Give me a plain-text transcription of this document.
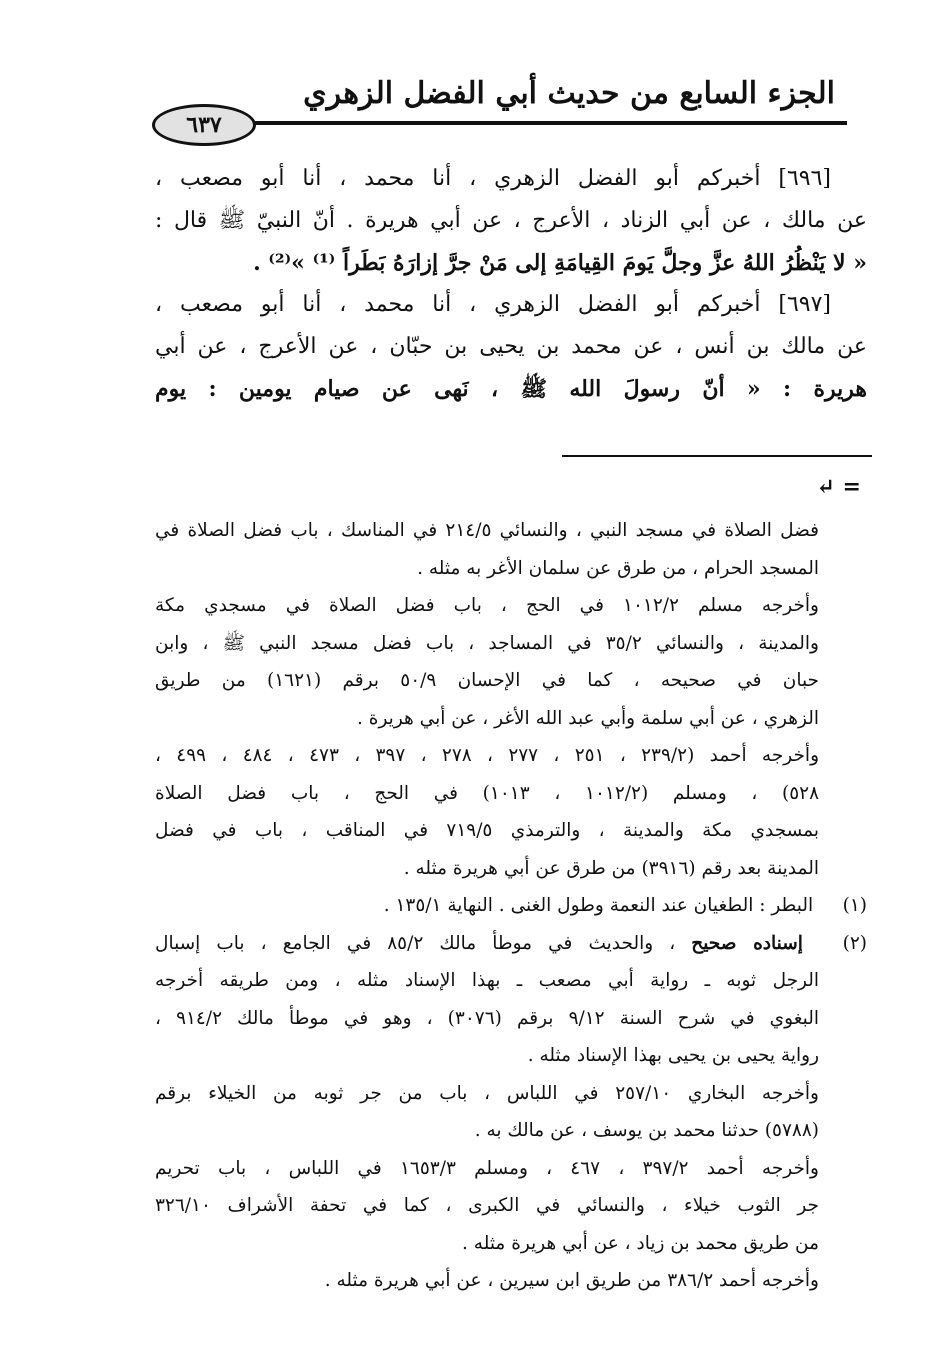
الجزء السابع من حديث أبي الفضل الزهري
٦٣٧
[٦٩٦] أخبركم أبو الفضل الزهري ، أنا محمد ، أنا أبو مصعب ،
عن مالك ، عن أبي الزناد ، الأعرج ، عن أبي هريرة . أنّ النبيّ ﷺ قال :
« لا يَنْظُرُ اللهُ عزَّ وجلَّ يَومَ القِيامَةِ إلى مَنْ جرَّ إزارَهُ بَطَراً ⁽¹⁾ »⁽²⁾ .
[٦٩٧] أخبركم أبو الفضل الزهري ، أنا محمد ، أنا أبو مصعب ،
عن مالك بن أنس ، عن محمد بن يحيى بن حبّان ، عن الأعرج ، عن أبي
هريرة : « أنّ رسولَ الله ﷺ ، نَهى عن صيام يومين : يوم
= ↵
فضل الصلاة في مسجد النبي ، والنسائي ٢١٤/٥ في المناسك ، باب فضل الصلاة في
المسجد الحرام ، من طرق عن سلمان الأغر به مثله .
وأخرجه مسلم ١٠١٢/٢ في الحج ، باب فضل الصلاة في مسجدي مكة
والمدينة ، والنسائي ٣٥/٢ في المساجد ، باب فضل مسجد النبي ﷺ ، وابن
حبان في صحيحه ، كما في الإحسان ٥٠/٩ برقم (١٦٢١) من طريق
الزهري ، عن أبي سلمة وأبي عبد الله الأغر ، عن أبي هريرة .
وأخرجه أحمد (٢٣٩/٢ ، ٢٥١ ، ٢٧٧ ، ٢٧٨ ، ٣٩٧ ، ٤٧٣ ، ٤٨٤ ، ٤٩٩ ،
٥٢٨) ، ومسلم (١٠١٢/٢ ، ١٠١٣) في الحج ، باب فضل الصلاة
بمسجدي مكة والمدينة ، والترمذي ٧١٩/٥ في المناقب ، باب في فضل
المدينة بعد رقم (٣٩١٦) من طرق عن أبي هريرة مثله .
(١) البطر : الطغيان عند النعمة وطول الغنى . النهاية ١٣٥/١ .
(٢) إسناده صحيح ، والحديث في موطأ مالك ٨٥/٢ في الجامع ، باب إسبال
الرجل ثوبه ـ رواية أبي مصعب ـ بهذا الإسناد مثله ، ومن طريقه أخرجه
البغوي في شرح السنة ٩/١٢ برقم (٣٠٧٦) ، وهو في موطأ مالك ٩١٤/٢ ،
رواية يحيى بن يحيى بهذا الإسناد مثله .
وأخرجه البخاري ٢٥٧/١٠ في اللباس ، باب من جر ثوبه من الخيلاء برقم
(٥٧٨٨) حدثنا محمد بن يوسف ، عن مالك به .
وأخرجه أحمد ٣٩٧/٢ ، ٤٦٧ ، ومسلم ١٦٥٣/٣ في اللباس ، باب تحريم
جر الثوب خيلاء ، والنسائي في الكبرى ، كما في تحفة الأشراف ٣٢٦/١٠
من طريق محمد بن زياد ، عن أبي هريرة مثله .
وأخرجه أحمد ٣٨٦/٢ من طريق ابن سيرين ، عن أبي هريرة مثله .
